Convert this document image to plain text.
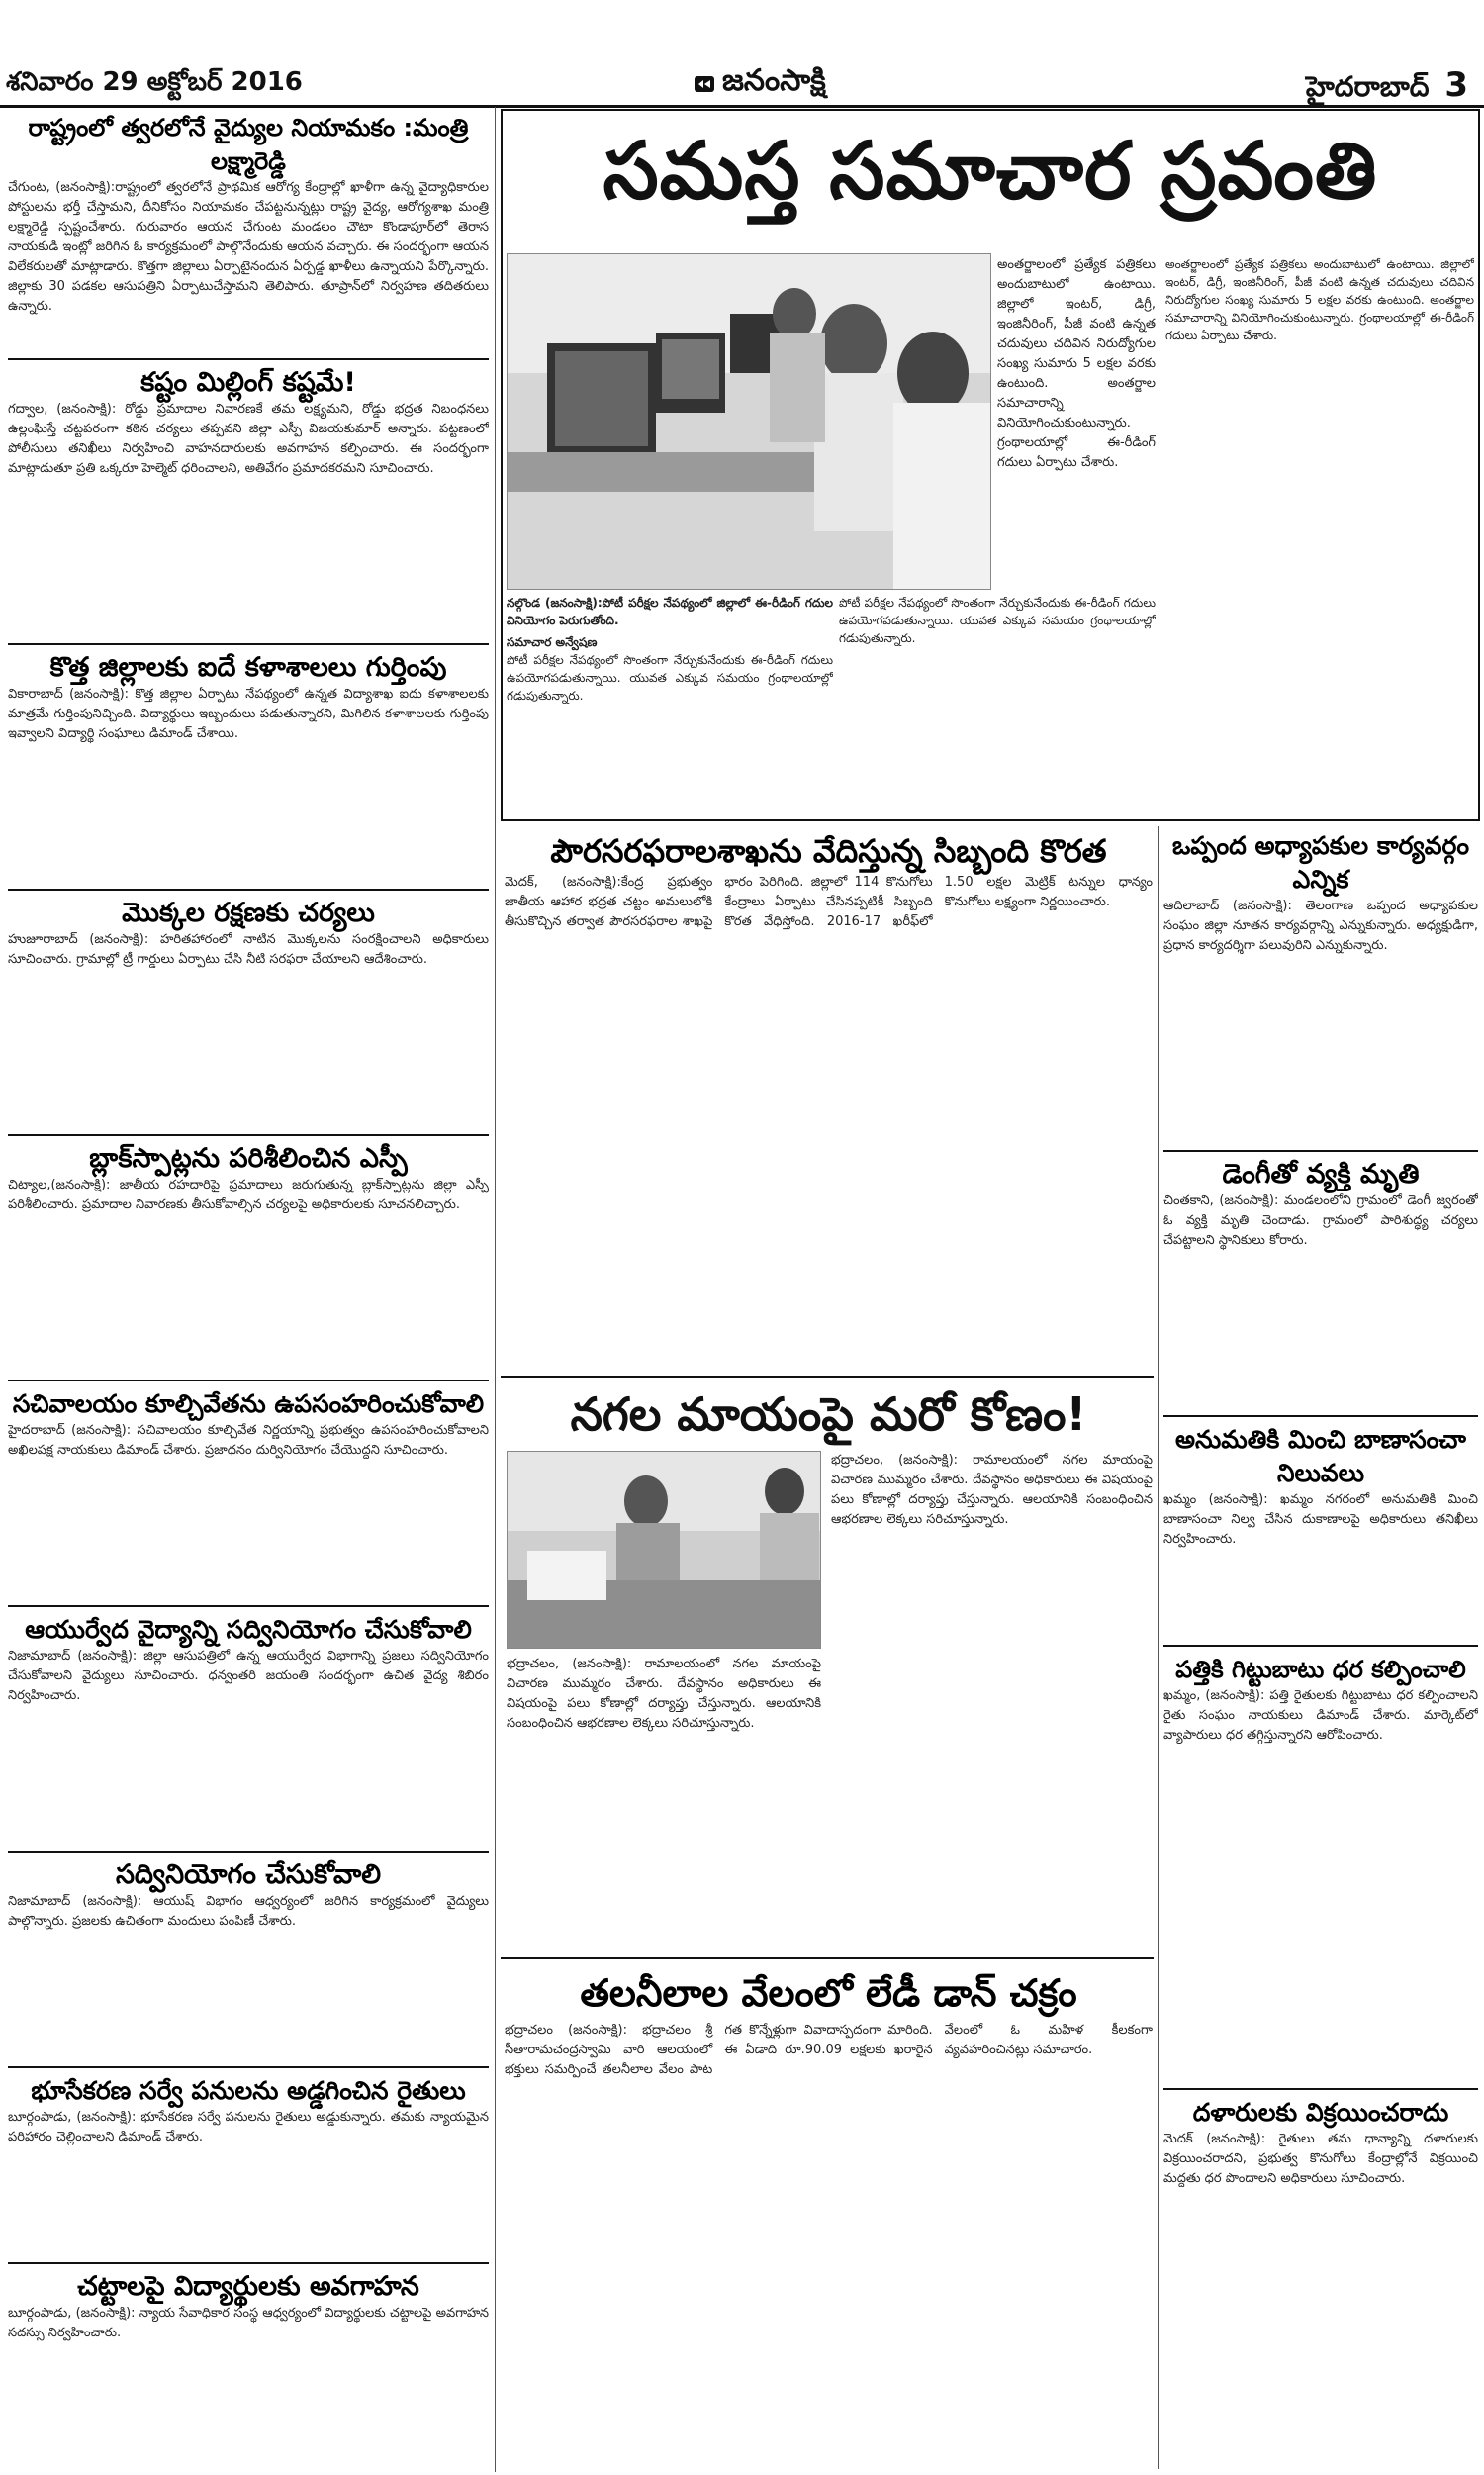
శనివారం 29 అక్టోబర్ 2016	జనంసాక్షి	హైదరాబాద్ 3
రాష్ట్రంలో త్వరలోనే వైద్యుల నియామకం :మంత్రి లక్ష్మారెడ్డి
చేగుంట, (జనంసాక్షి):రాష్ట్రంలో త్వరలోనే ప్రాథమిక ఆరోగ్య కేంద్రాల్లో ఖాళీగా ఉన్న వైద్యాధికారుల పోస్టులను భర్తీ చేస్తామని, దీనికోసం నియామకం చేపట్టనున్నట్లు రాష్ట్ర వైద్య, ఆరోగ్యశాఖ మంత్రి లక్ష్మారెడ్డి స్పష్టంచేశారు. గురువారం ఆయన చేగుంట మండలం చౌటా కొండాపూర్‌లో తెరాస నాయకుడి ఇంట్లో జరిగిన ఓ కార్యక్రమంలో పాల్గొనేందుకు ఆయన వచ్చారు. ఈ సందర్భంగా ఆయన విలేకరులతో మాట్లాడారు. కొత్తగా జిల్లాలు ఏర్పాటైనందున ఏర్పడ్డ ఖాళీలు ఉన్నాయని పేర్కొన్నారు. జిల్లాకు 30 పడకల ఆసుపత్రిని ఏర్పాటుచేస్తామని తెలిపారు. తూప్రాన్‌లో నిర్వహణ తదితరులు ఉన్నారు.
కష్టం మిల్లింగ్ కష్టమే!
గద్వాల, (జనంసాక్షి): రోడ్డు ప్రమాదాల నివారణకే తమ లక్ష్యమని, రోడ్డు భద్రత నిబంధనలు ఉల్లంఘిస్తే చట్టపరంగా కఠిన చర్యలు తప్పవని జిల్లా ఎస్పీ విజయకుమార్ అన్నారు. పట్టణంలో పోలీసులు తనిఖీలు నిర్వహించి వాహనదారులకు అవగాహన కల్పించారు. ఈ సందర్భంగా మాట్లాడుతూ ప్రతి ఒక్కరూ హెల్మెట్ ధరించాలని, అతివేగం ప్రమాదకరమని సూచించారు.
కొత్త జిల్లాలకు ఐదే కళాశాలలు గుర్తింపు
వికారాబాద్ (జనంసాక్షి): కొత్త జిల్లాల ఏర్పాటు నేపథ్యంలో ఉన్నత విద్యాశాఖ ఐదు కళాశాలలకు మాత్రమే గుర్తింపునిచ్చింది. విద్యార్థులు ఇబ్బందులు పడుతున్నారని, మిగిలిన కళాశాలలకు గుర్తింపు ఇవ్వాలని విద్యార్థి సంఘాలు డిమాండ్ చేశాయి.
మొక్కల రక్షణకు చర్యలు
హుజూరాబాద్ (జనంసాక్షి): హరితహారంలో నాటిన మొక్కలను సంరక్షించాలని అధికారులు సూచించారు. గ్రామాల్లో ట్రీ గార్డులు ఏర్పాటు చేసి నీటి సరఫరా చేయాలని ఆదేశించారు.
బ్లాక్‌స్పాట్లను పరిశీలించిన ఎస్పీ
చిట్యాల,(జనంసాక్షి): జాతీయ రహదారిపై ప్రమాదాలు జరుగుతున్న బ్లాక్‌స్పాట్లను జిల్లా ఎస్పీ పరిశీలించారు. ప్రమాదాల నివారణకు తీసుకోవాల్సిన చర్యలపై అధికారులకు సూచనలిచ్చారు.
సచివాలయం కూల్చివేతను ఉపసంహరించుకోవాలి
హైదరాబాద్ (జనంసాక్షి): సచివాలయం కూల్చివేత నిర్ణయాన్ని ప్రభుత్వం ఉపసంహరించుకోవాలని అఖిలపక్ష నాయకులు డిమాండ్ చేశారు. ప్రజాధనం దుర్వినియోగం చేయొద్దని సూచించారు.
ఆయుర్వేద వైద్యాన్ని సద్వినియోగం చేసుకోవాలి
నిజామాబాద్ (జనంసాక్షి): జిల్లా ఆసుపత్రిలో ఉన్న ఆయుర్వేద విభాగాన్ని ప్రజలు సద్వినియోగం చేసుకోవాలని వైద్యులు సూచించారు. ధన్వంతరి జయంతి సందర్భంగా ఉచిత వైద్య శిబిరం నిర్వహించారు.
సద్వినియోగం చేసుకోవాలి
నిజామాబాద్ (జనంసాక్షి): ఆయుష్ విభాగం ఆధ్వర్యంలో జరిగిన కార్యక్రమంలో వైద్యులు పాల్గొన్నారు. ప్రజలకు ఉచితంగా మందులు పంపిణీ చేశారు.
భూసేకరణ సర్వే పనులను అడ్డగించిన రైతులు
బూర్గంపాడు, (జనంసాక్షి): భూసేకరణ సర్వే పనులను రైతులు అడ్డుకున్నారు. తమకు న్యాయమైన పరిహారం చెల్లించాలని డిమాండ్ చేశారు.
చట్టాలపై విద్యార్థులకు అవగాహన
బూర్గంపాడు, (జనంసాక్షి): న్యాయ సేవాధికార సంస్థ ఆధ్వర్యంలో విద్యార్థులకు చట్టాలపై అవగాహన సదస్సు నిర్వహించారు.
సమస్త సమాచార స్రవంతి
అంతర్జాలంలో ప్రత్యేక పత్రికలు అందుబాటులో ఉంటాయి. జిల్లాలో ఇంటర్, డిగ్రీ, ఇంజినీరింగ్, పీజీ వంటి ఉన్నత చదువులు చదివిన నిరుద్యోగుల సంఖ్య సుమారు 5 లక్షల వరకు ఉంటుంది. అంతర్జాల సమాచారాన్ని వినియోగించుకుంటున్నారు. గ్రంథాలయాల్లో ఈ-రీడింగ్ గదులు ఏర్పాటు చేశారు.
నల్గొండ (జనంసాక్షి):పోటీ పరీక్షల నేపథ్యంలో జిల్లాలో ఈ-రీడింగ్ గదుల వినియోగం పెరుగుతోంది.
సమాచార అన్వేషణ
పోటీ పరీక్షల నేపథ్యంలో సొంతంగా నేర్చుకునేందుకు ఈ-రీడింగ్ గదులు ఉపయోగపడుతున్నాయి. యువత ఎక్కువ సమయం గ్రంథాలయాల్లో గడుపుతున్నారు.
పోటీ పరీక్షల నేపథ్యంలో సొంతంగా నేర్చుకునేందుకు ఈ-రీడింగ్ గదులు ఉపయోగపడుతున్నాయి. యువత ఎక్కువ సమయం గ్రంథాలయాల్లో గడుపుతున్నారు.
అంతర్జాలంలో ప్రత్యేక పత్రికలు అందుబాటులో ఉంటాయి. జిల్లాలో ఇంటర్, డిగ్రీ, ఇంజినీరింగ్, పీజీ వంటి ఉన్నత చదువులు చదివిన నిరుద్యోగుల సంఖ్య సుమారు 5 లక్షల వరకు ఉంటుంది. అంతర్జాల సమాచారాన్ని వినియోగించుకుంటున్నారు. గ్రంథాలయాల్లో ఈ-రీడింగ్ గదులు ఏర్పాటు చేశారు.
పౌరసరఫరాలశాఖను వేదిస్తున్న సిబ్బంది కొరత
మెదక్, (జనంసాక్షి):కేంద్ర ప్రభుత్వం జాతీయ ఆహార భద్రత చట్టం అమలులోకి తీసుకొచ్చిన తర్వాత పౌరసరఫరాల శాఖపై భారం పెరిగింది. జిల్లాలో 114 కొనుగోలు కేంద్రాలు ఏర్పాటు చేసినప్పటికీ సిబ్బంది కొరత వేధిస్తోంది. 2016-17 ఖరీఫ్‌లో 1.50 లక్షల మెట్రిక్ టన్నుల ధాన్యం కొనుగోలు లక్ష్యంగా నిర్ణయించారు.
నగల మాయంపై మరో కోణం!
భద్రాచలం, (జనంసాక్షి): రామాలయంలో నగల మాయంపై విచారణ ముమ్మరం చేశారు. దేవస్థానం అధికారులు ఈ విషయంపై పలు కోణాల్లో దర్యాప్తు చేస్తున్నారు. ఆలయానికి సంబంధించిన ఆభరణాల లెక్కలు సరిచూస్తున్నారు.
భద్రాచలం, (జనంసాక్షి): రామాలయంలో నగల మాయంపై విచారణ ముమ్మరం చేశారు. దేవస్థానం అధికారులు ఈ విషయంపై పలు కోణాల్లో దర్యాప్తు చేస్తున్నారు. ఆలయానికి సంబంధించిన ఆభరణాల లెక్కలు సరిచూస్తున్నారు.
తలనీలాల వేలంలో లేడీ డాన్ చక్రం
భద్రాచలం (జనంసాక్షి): భద్రాచలం శ్రీ సీతారామచంద్రస్వామి వారి ఆలయంలో భక్తులు సమర్పించే తలనీలాల వేలం పాట గత కొన్నేళ్లుగా వివాదాస్పదంగా మారింది. ఈ ఏడాది రూ.90.09 లక్షలకు ఖరారైన వేలంలో ఓ మహిళ కీలకంగా వ్యవహరించినట్లు సమాచారం.
ఒప్పంద అధ్యాపకుల కార్యవర్గం ఎన్నిక
ఆదిలాబాద్ (జనంసాక్షి): తెలంగాణ ఒప్పంద అధ్యాపకుల సంఘం జిల్లా నూతన కార్యవర్గాన్ని ఎన్నుకున్నారు. అధ్యక్షుడిగా, ప్రధాన కార్యదర్శిగా పలువురిని ఎన్నుకున్నారు.
డెంగీతో వ్యక్తి మృతి
చింతకాని, (జనంసాక్షి): మండలంలోని గ్రామంలో డెంగీ జ్వరంతో ఓ వ్యక్తి మృతి చెందాడు. గ్రామంలో పారిశుద్ధ్య చర్యలు చేపట్టాలని స్థానికులు కోరారు.
అనుమతికి మించి బాణాసంచా నిలువలు
ఖమ్మం (జనంసాక్షి): ఖమ్మం నగరంలో అనుమతికి మించి బాణాసంచా నిల్వ చేసిన దుకాణాలపై అధికారులు తనిఖీలు నిర్వహించారు.
పత్తికి గిట్టుబాటు ధర కల్పించాలి
ఖమ్మం, (జనంసాక్షి): పత్తి రైతులకు గిట్టుబాటు ధర కల్పించాలని రైతు సంఘం నాయకులు డిమాండ్ చేశారు. మార్కెట్‌లో వ్యాపారులు ధర తగ్గిస్తున్నారని ఆరోపించారు.
దళారులకు విక్రయించరాదు
మెదక్ (జనంసాక్షి): రైతులు తమ ధాన్యాన్ని దళారులకు విక్రయించరాదని, ప్రభుత్వ కొనుగోలు కేంద్రాల్లోనే విక్రయించి మద్దతు ధర పొందాలని అధికారులు సూచించారు.
